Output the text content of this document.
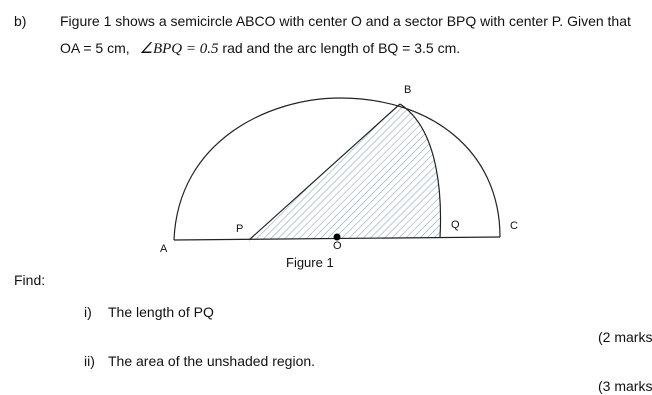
b) Figure 1 shows a semicircle ABCO with center O and a sector BPQ with center P. Given that
OA = 5 cm, ∠BPQ = 0.5 rad and the arc length of BQ = 3.5 cm.
A
B
C
O
P	Q
Figure 1
Find:
i) The length of PQ
(2 marks
ii) The area of the unshaded region.
(3 marks
